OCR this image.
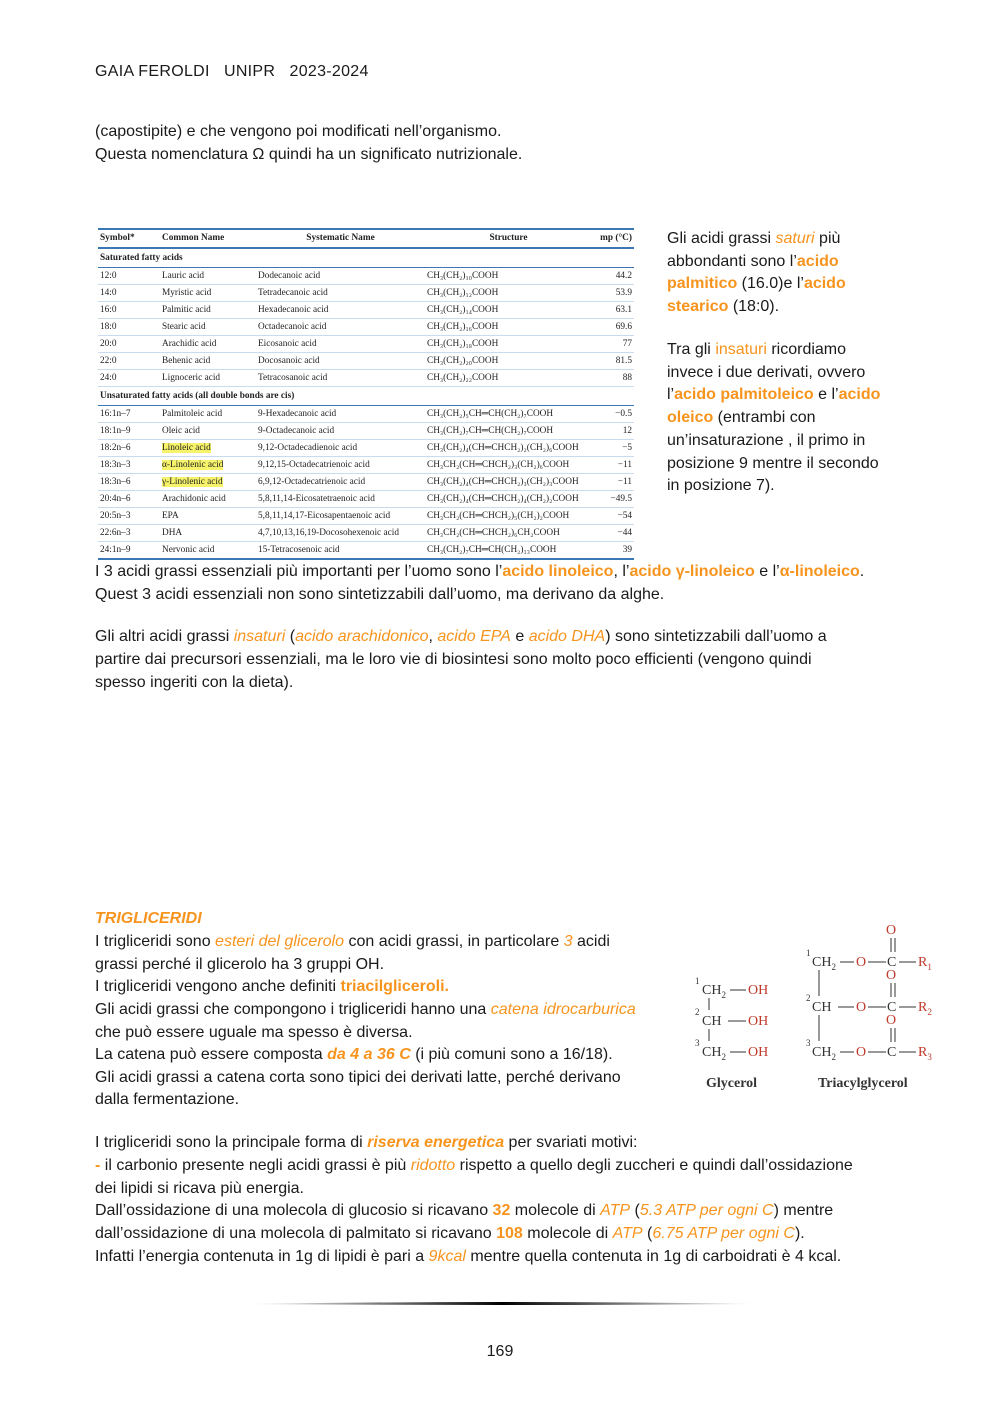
GAIA FEROLDI   UNIPR   2023-2024
(capostipite) e che vengono poi modificati nell’organismo.
Questa nomenclatura Ω quindi ha un significato nutrizionale.
Symbol*	Common Name	Systematic Name	Structure	mp (°C)
Saturated fatty acids				
12:0	Lauric acid	Dodecanoic acid	CH₃(CH₂)₁₀COOH	44.2
14:0	Myristic acid	Tetradecanoic acid	CH₃(CH₂)₁₂COOH	53.9
16:0	Palmitic acid	Hexadecanoic acid	CH₃(CH₂)₁₄COOH	63.1
18:0	Stearic acid	Octadecanoic acid	CH₃(CH₂)₁₆COOH	69.6
20:0	Arachidic acid	Eicosanoic acid	CH₃(CH₂)₁₈COOH	77
22:0	Behenic acid	Docosanoic acid	CH₃(CH₂)₂₀COOH	81.5
24:0	Lignoceric acid	Tetracosanoic acid	CH₃(CH₂)₂₂COOH	88
Unsaturated fatty acids (all double bonds are cis)				
16:1n–7	Palmitoleic acid	9-Hexadecanoic acid	CH₃(CH₂)₅CH═CH(CH₂)₇COOH	−0.5
18:1n–9	Oleic acid	9-Octadecanoic acid	CH₃(CH₂)₇CH═CH(CH₂)₇COOH	12
18:2n–6	Linoleic acid	9,12-Octadecadienoic acid	CH₃(CH₂)₄(CH═CHCH₂)₂(CH₂)₆COOH	−5
18:3n–3	α-Linolenic acid	9,12,15-Octadecatrienoic acid	CH₃CH₂(CH═CHCH₂)₃(CH₂)₆COOH	−11
18:3n–6	γ-Linolenic acid	6,9,12-Octadecatrienoic acid	CH₃(CH₂)₄(CH═CHCH₂)₃(CH₂)₃COOH	−11
20:4n–6	Arachidonic acid	5,8,11,14-Eicosatetraenoic acid	CH₃(CH₂)₄(CH═CHCH₂)₄(CH₂)₂COOH	−49.5
20:5n–3	EPA	5,8,11,14,17-Eicosapentaenoic acid	CH₃CH₂(CH═CHCH₂)₅(CH₂)₂COOH	−54
22:6n–3	DHA	4,7,10,13,16,19-Docosohexenoic acid	CH₃CH₂(CH═CHCH₂)₆CH₂COOH	−44
24:1n–9	Nervonic acid	15-Tetracosenoic acid	CH₃(CH₂)₇CH═CH(CH₂)₁₃COOH	39
Gli acidi grassi saturi più
abbondanti sono l’acido
palmitico (16.0)e l’acido
stearico (18:0).
Tra gli insaturi ricordiamo
invece i due derivati, ovvero
l’acido palmitoleico e l’acido
oleico (entrambi con
un’insaturazione , il primo in
posizione 9 mentre il secondo
in posizione 7).
I 3 acidi grassi essenziali più importanti per l’uomo sono l’acido linoleico, l’acido γ-linoleico e l’α-linoleico.
Quest 3 acidi essenziali non sono sintetizzabili dall’uomo, ma derivano da alghe.
Gli altri acidi grassi insaturi (acido arachidonico, acido EPA e acido DHA) sono sintetizzabili dall’uomo a
partire dai precursori essenziali, ma le loro vie di biosintesi sono molto poco efficienti (vengono quindi
spesso ingeriti con la dieta).
TRIGLICERIDI
I trigliceridi sono esteri del glicerolo con acidi grassi, in particolare 3 acidi
grassi perché il glicerolo ha 3 gruppi OH.
I trigliceridi vengono anche definiti triacilgliceroli.
Gli acidi grassi che compongono i trigliceridi hanno una catena idrocarburica
che può essere uguale ma spesso è diversa.
La catena può essere composta da 4 a 36 C (i più comuni sono a 16/18).
Gli acidi grassi a catena corta sono tipici dei derivati latte, perché derivano
dalla fermentazione.
1
$CH_2$ OH
2
CH OH
3
$CH_2$ OH
1
$CH_2$
O
O C $R_1$
2
CH
O
O C $R_2$
3
$CH_2$
O
O C $R_3$
Glycerol	Triacylglycerol
I trigliceridi sono la principale forma di riserva energetica per svariati motivi:
- il carbonio presente negli acidi grassi è più ridotto rispetto a quello degli zuccheri e quindi dall’ossidazione
dei lipidi si ricava più energia.
Dall’ossidazione di una molecola di glucosio si ricavano 32 molecole di ATP (5.3 ATP per ogni C) mentre
dall’ossidazione di una molecola di palmitato si ricavano 108 molecole di ATP (6.75 ATP per ogni C).
Infatti l’energia contenuta in 1g di lipidi è pari a 9kcal mentre quella contenuta in 1g di carboidrati è 4 kcal.
169
